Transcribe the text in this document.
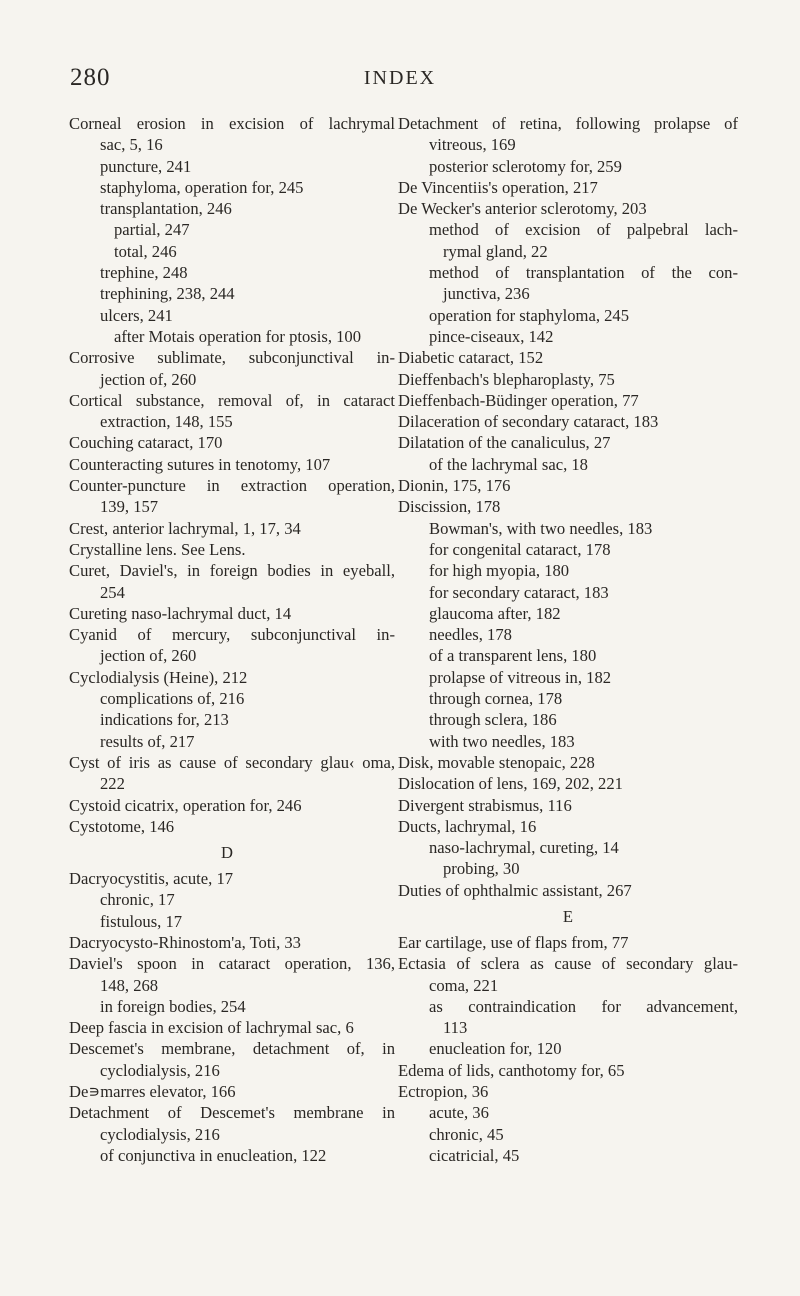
280	INDEX
Corneal erosion in excision of lachrymal
sac, 5, 16
puncture, 241
staphyloma, operation for, 245
transplantation, 246
partial, 247
total, 246
trephine, 248
trephining, 238, 244
ulcers, 241
after Motais operation for ptosis, 100
Corrosive sublimate, subconjunctival in-
jection of, 260
Cortical substance, removal of, in cataract
extraction, 148, 155
Couching cataract, 170
Counteracting sutures in tenotomy, 107
Counter-puncture in extraction operation,
139, 157
Crest, anterior lachrymal, 1, 17, 34
Crystalline lens. See Lens.
Curet, Daviel's, in foreign bodies in eyeball,
254
Cureting naso-lachrymal duct, 14
Cyanid of mercury, subconjunctival in-
jection of, 260
Cyclodialysis (Heine), 212
complications of, 216
indications for, 213
results of, 217
Cyst of iris as cause of secondary glau‹ oma,
222
Cystoid cicatrix, operation for, 246
Cystotome, 146
D
Dacryocystitis, acute, 17
chronic, 17
fistulous, 17
Dacryocysto-Rhinostom'a, Toti, 33
Daviel's spoon in cataract operation, 136,
148, 268
in foreign bodies, 254
Deep fascia in excision of lachrymal sac, 6
Descemet's membrane, detachment of, in
cyclodialysis, 216
De∍marres elevator, 166
Detachment of Descemet's membrane in
cyclodialysis, 216
of conjunctiva in enucleation, 122
Detachment of retina, following prolapse of
vitreous, 169
posterior sclerotomy for, 259
De Vincentiis's operation, 217
De Wecker's anterior sclerotomy, 203
method of excision of palpebral lach-
rymal gland, 22
method of transplantation of the con-
junctiva, 236
operation for staphyloma, 245
pince-ciseaux, 142
Diabetic cataract, 152
Dieffenbach's blepharoplasty, 75
Dieffenbach-Büdinger operation, 77
Dilaceration of secondary cataract, 183
Dilatation of the canaliculus, 27
of the lachrymal sac, 18
Dionin, 175, 176
Discission, 178
Bowman's, with two needles, 183
for congenital cataract, 178
for high myopia, 180
for secondary cataract, 183
glaucoma after, 182
needles, 178
of a transparent lens, 180
prolapse of vitreous in, 182
through cornea, 178
through sclera, 186
with two needles, 183
Disk, movable stenopaic, 228
Dislocation of lens, 169, 202, 221
Divergent strabismus, 116
Ducts, lachrymal, 16
naso-lachrymal, cureting, 14
probing, 30
Duties of ophthalmic assistant, 267
E
Ear cartilage, use of flaps from, 77
Ectasia of sclera as cause of secondary glau-
coma, 221
as contraindication for advancement,
113
enucleation for, 120
Edema of lids, canthotomy for, 65
Ectropion, 36
acute, 36
chronic, 45
cicatricial, 45
